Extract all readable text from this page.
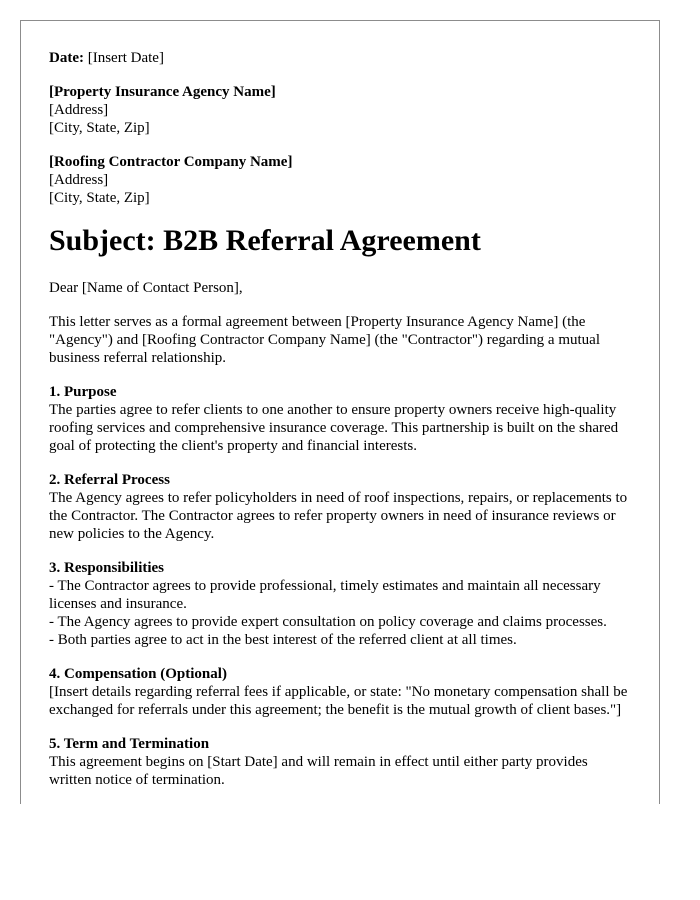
Date: [Insert Date]
[Property Insurance Agency Name]
[Address]
[City, State, Zip]
[Roofing Contractor Company Name]
[Address]
[City, State, Zip]
Subject: B2B Referral Agreement

Dear [Name of Contact Person],

This letter serves as a formal agreement between [Property Insurance Agency Name] (the "Agency") and [Roofing Contractor Company Name] (the "Contractor") regarding a mutual business referral relationship.

1. Purpose
The parties agree to refer clients to one another to ensure property owners receive high-quality roofing services and comprehensive insurance coverage. This partnership is built on the shared goal of protecting the client's property and financial interests.
2. Referral Process
The Agency agrees to refer policyholders in need of roof inspections, repairs, or replacements to the Contractor. The Contractor agrees to refer property owners in need of insurance reviews or new policies to the Agency.
3. Responsibilities
- The Contractor agrees to provide professional, timely estimates and maintain all necessary licenses and insurance.
- The Agency agrees to provide expert consultation on policy coverage and claims processes.
- Both parties agree to act in the best interest of the referred client at all times.
4. Compensation (Optional)
[Insert details regarding referral fees if applicable, or state: "No monetary compensation shall be exchanged for referrals under this agreement; the benefit is the mutual growth of client bases."]
5. Term and Termination
This agreement begins on [Start Date] and will remain in effect until either party provides written notice of termination.
